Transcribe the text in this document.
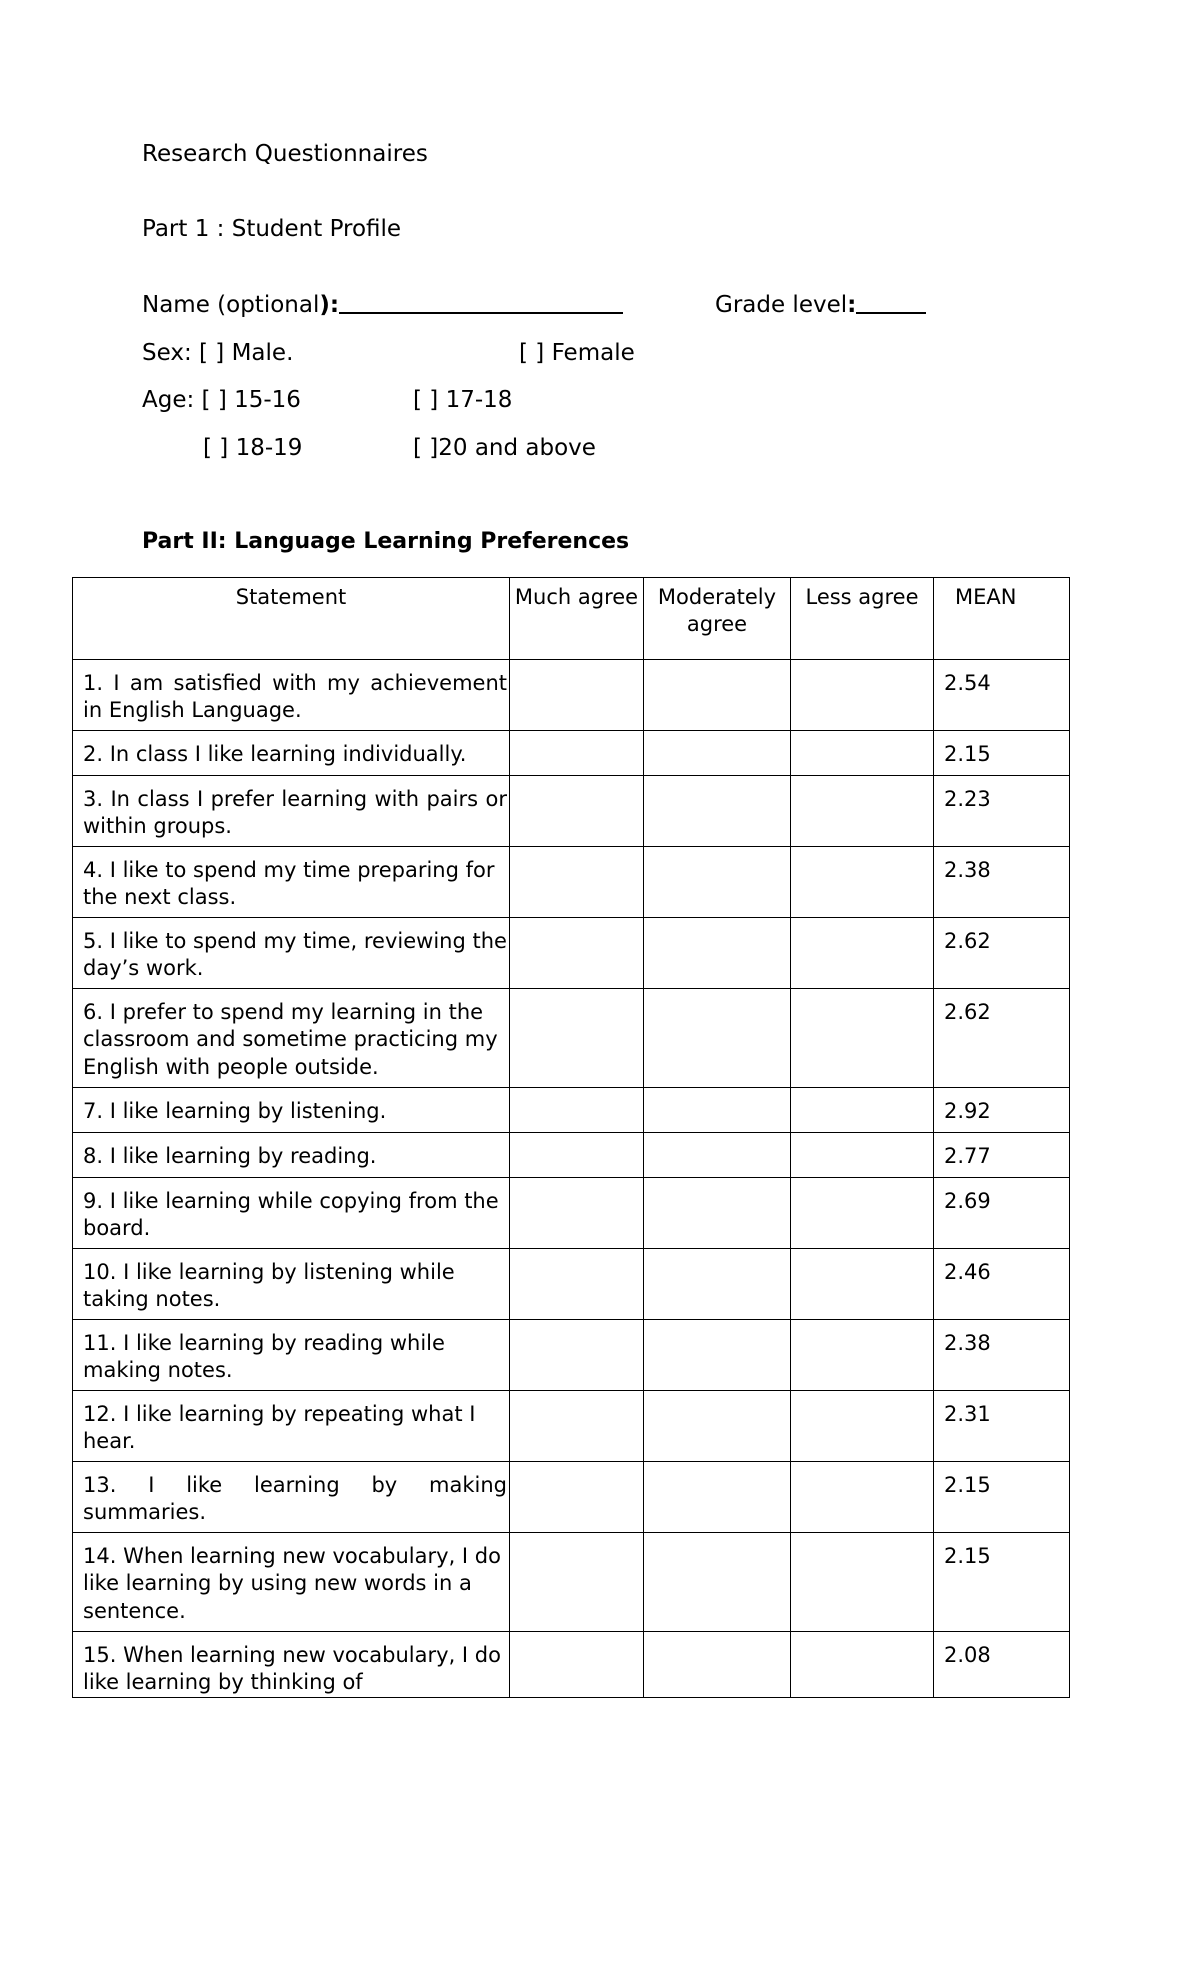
Research Questionnaires
Part 1 : Student Profile
Name (optional):	Grade level:
Sex: [ ] Male.	[ ] Female
Age: [ ] 15-16	[ ] 17-18
[ ] 18-19	[ ]20 and above
Part II: Language Learning Preferences
Statement	Much agree	Moderately agree	Less agree	MEAN
1. I am satisfied with my achievement in English Language.				2.54
2. In class I like learning individually.				2.15
3. In class I prefer learning with pairs or within groups.				2.23
4. I like to spend my time preparing for the next class.				2.38
5. I like to spend my time, reviewing the day’s work.				2.62
6. I prefer to spend my learning in the classroom and sometime practicing my English with people outside.				2.62
7. I like learning by listening.				2.92
8. I like learning by reading.				2.77
9. I like learning while copying from the board.				2.69
10. I like learning by listening while taking notes.				2.46
11. I like learning by reading while making notes.				2.38
12. I like learning by repeating what I hear.				2.31
13. I like learning by making summaries.				2.15
14. When learning new vocabulary, I do like learning by using new words in a sentence.				2.15
15. When learning new vocabulary, I do like learning by thinking of				2.08
